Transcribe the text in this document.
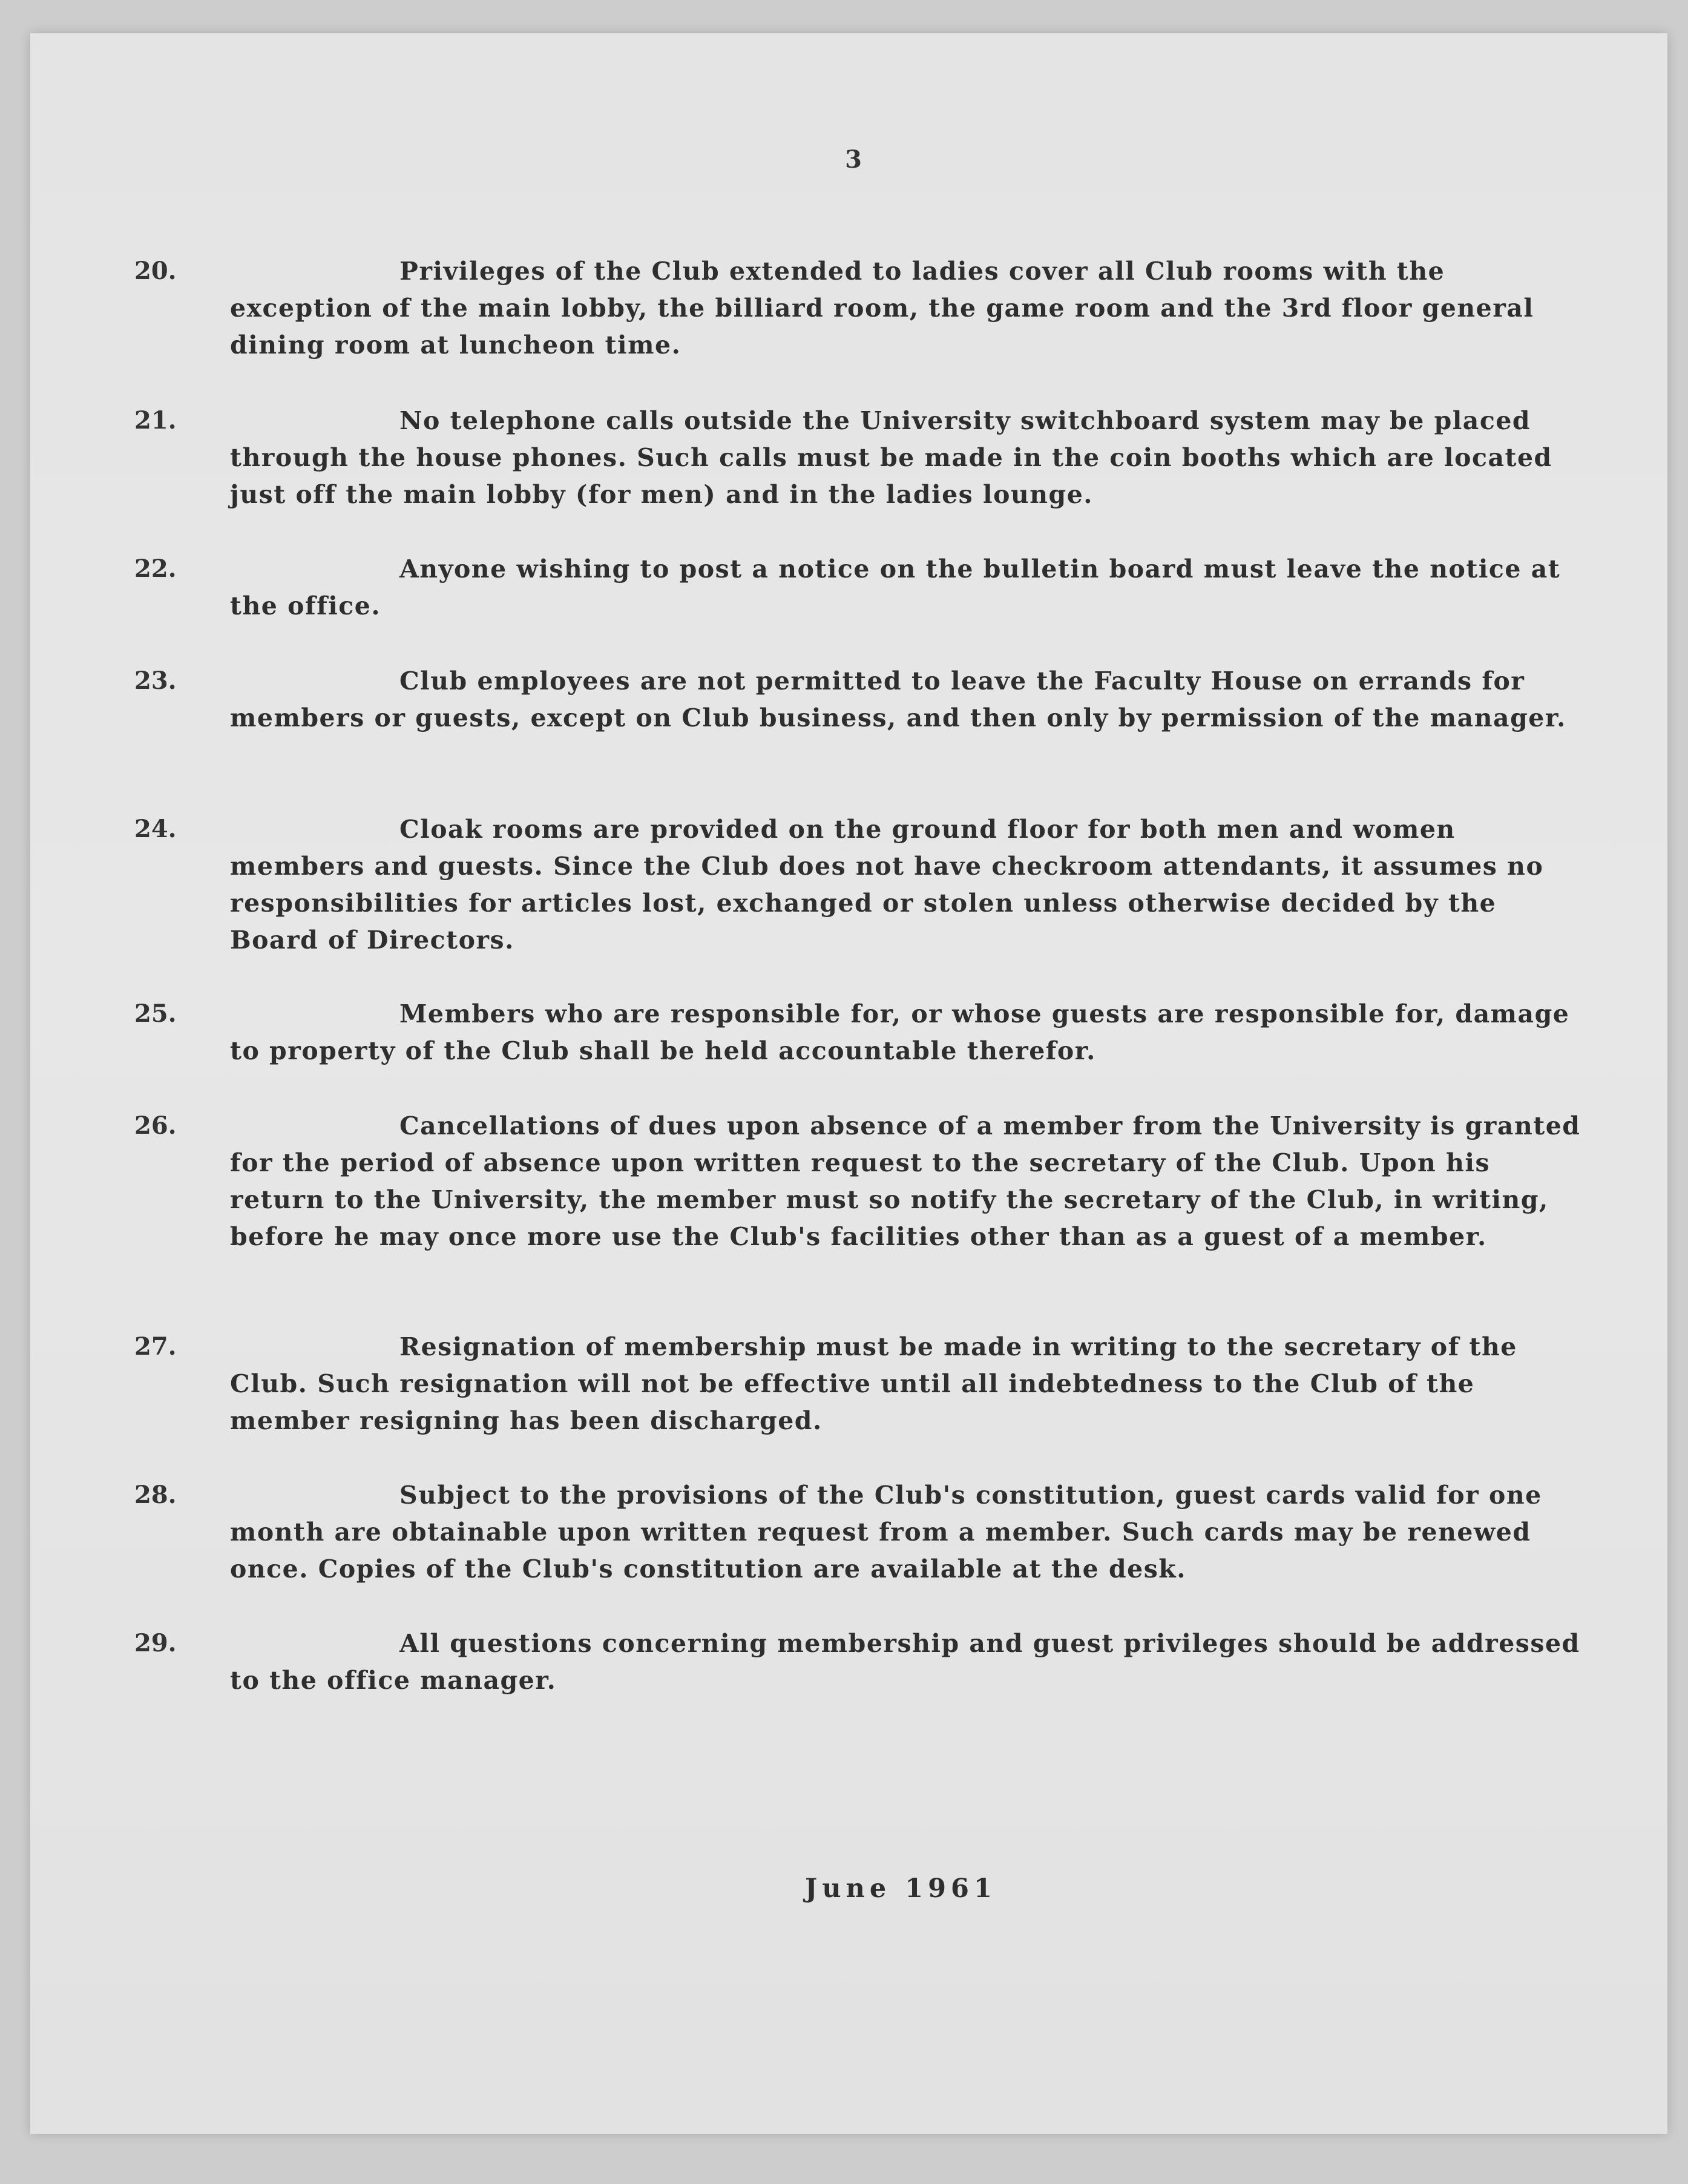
3
20.	Privileges of the Club extended to ladies cover all Club rooms with the exception of the main lobby, the billiard room, the game room and the 3rd floor general dining room at luncheon time.
21.	No telephone calls outside the University switchboard system may be placed through the house phones. Such calls must be made in the coin booths which are located just off the main lobby (for men) and in the ladies lounge.
22.	Anyone wishing to post a notice on the bulletin board must leave the notice at the office.
23.	Club employees are not permitted to leave the Faculty House on errands for members or guests, except on Club business, and then only by permission of the manager.
24.	Cloak rooms are provided on the ground floor for both men and women members and guests. Since the Club does not have checkroom attendants, it assumes no responsibilities for articles lost, exchanged or stolen unless otherwise decided by the Board of Directors.
25.	Members who are responsible for, or whose guests are responsible for, damage to property of the Club shall be held accountable therefor.
26.	Cancellations of dues upon absence of a member from the University is granted for the period of absence upon written request to the secretary of the Club. Upon his return to the University, the member must so notify the secretary of the Club, in writing, before he may once more use the Club's facilities other than as a guest of a member.
27.	Resignation of membership must be made in writing to the secretary of the Club. Such resignation will not be effective until all indebtedness to the Club of the member resigning has been discharged.
28.	Subject to the provisions of the Club's constitution, guest cards valid for one month are obtainable upon written request from a member. Such cards may be renewed once. Copies of the Club's constitution are available at the desk.
29.	All questions concerning membership and guest privileges should be addressed to the office manager.
June 1961
